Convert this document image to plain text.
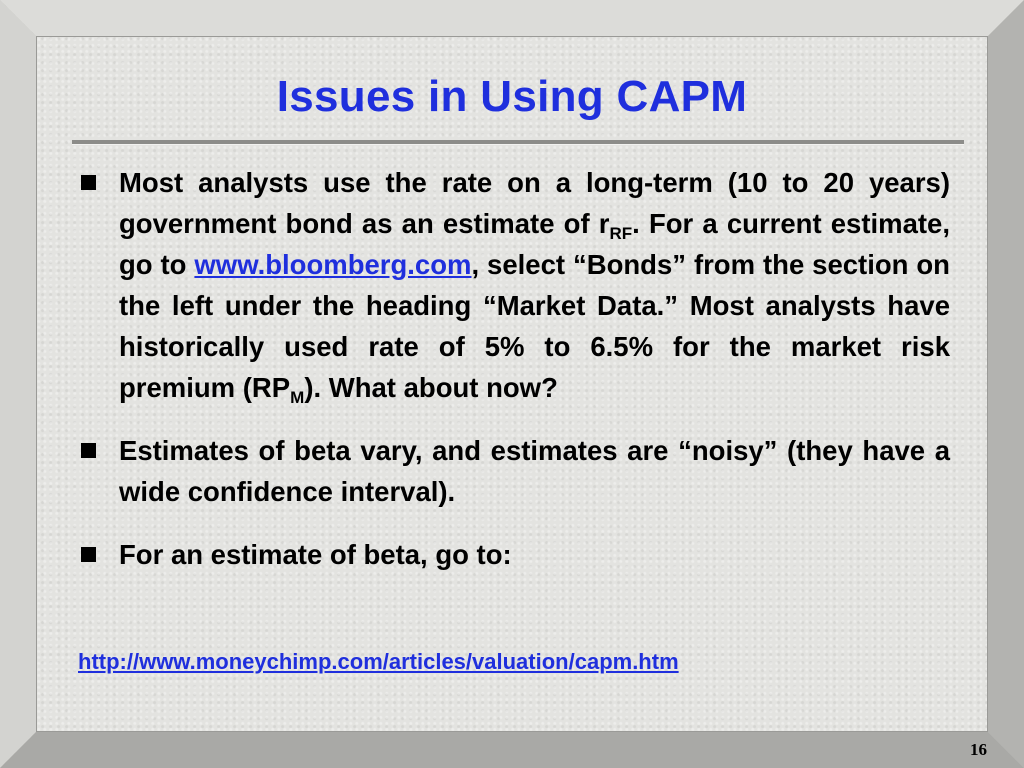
Issues in Using CAPM
Most analysts use the rate on a long-term (10 to 20 years) government bond as an estimate of $r_{RF}$. For a current estimate, go to www.bloomberg.com, select “Bonds” from the section on the left under the heading “Market Data.” Most analysts have historically used rate of 5% to 6.5% for the market risk premium $(RP_M)$. What about now?
Estimates of beta vary, and estimates are “noisy” (they have a wide confidence interval).
For an estimate of beta, go to:
http://www.moneychimp.com/articles/valuation/capm.htm
16
